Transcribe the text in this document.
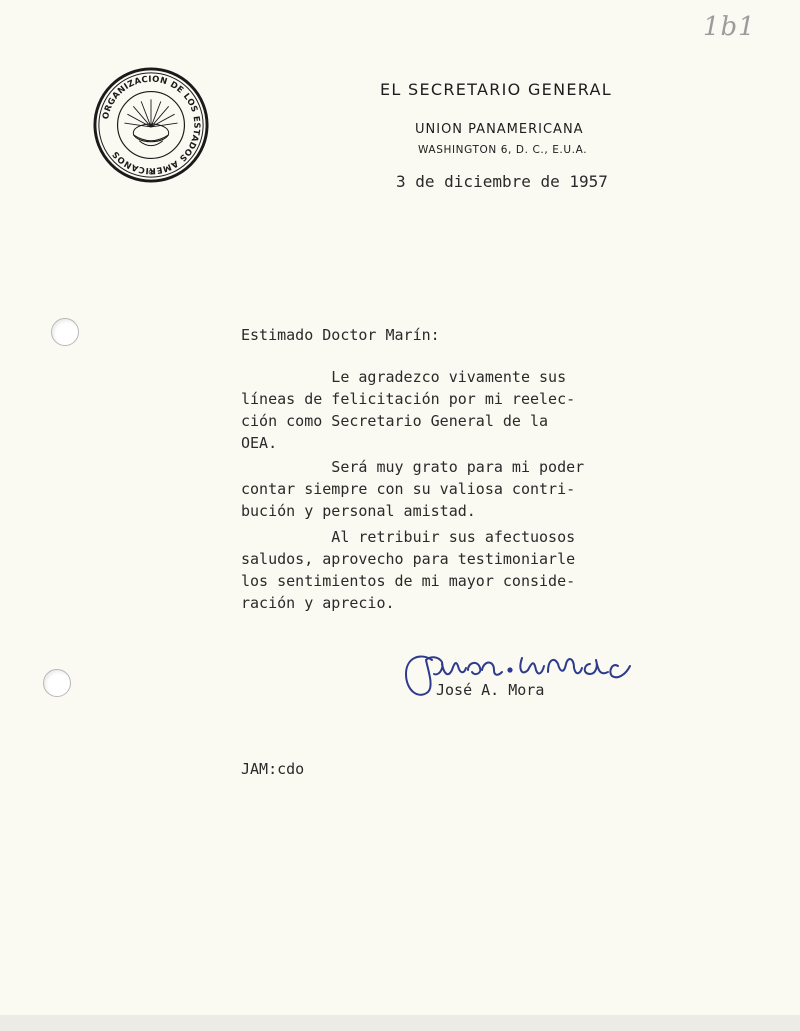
1b1
ORGANIZACION DE LOS ESTADOS AMERICANOS

EL SECRETARIO GENERAL

UNION PANAMERICANA

WASHINGTON 6, D. C., E.U.A.

3 de diciembre de 1957

Estimado Doctor Marín:

Le agradezco vivamente sus
líneas de felicitación por mi reelec-
ción como Secretario General de la
OEA.

Será muy grato para mi poder
contar siempre con su valiosa contri-
bución y personal amistad.

Al retribuir sus afectuosos
saludos, aprovecho para testimoniarle
los sentimientos de mi mayor conside-
ración y aprecio.

José A. Mora

JAM:cdo
